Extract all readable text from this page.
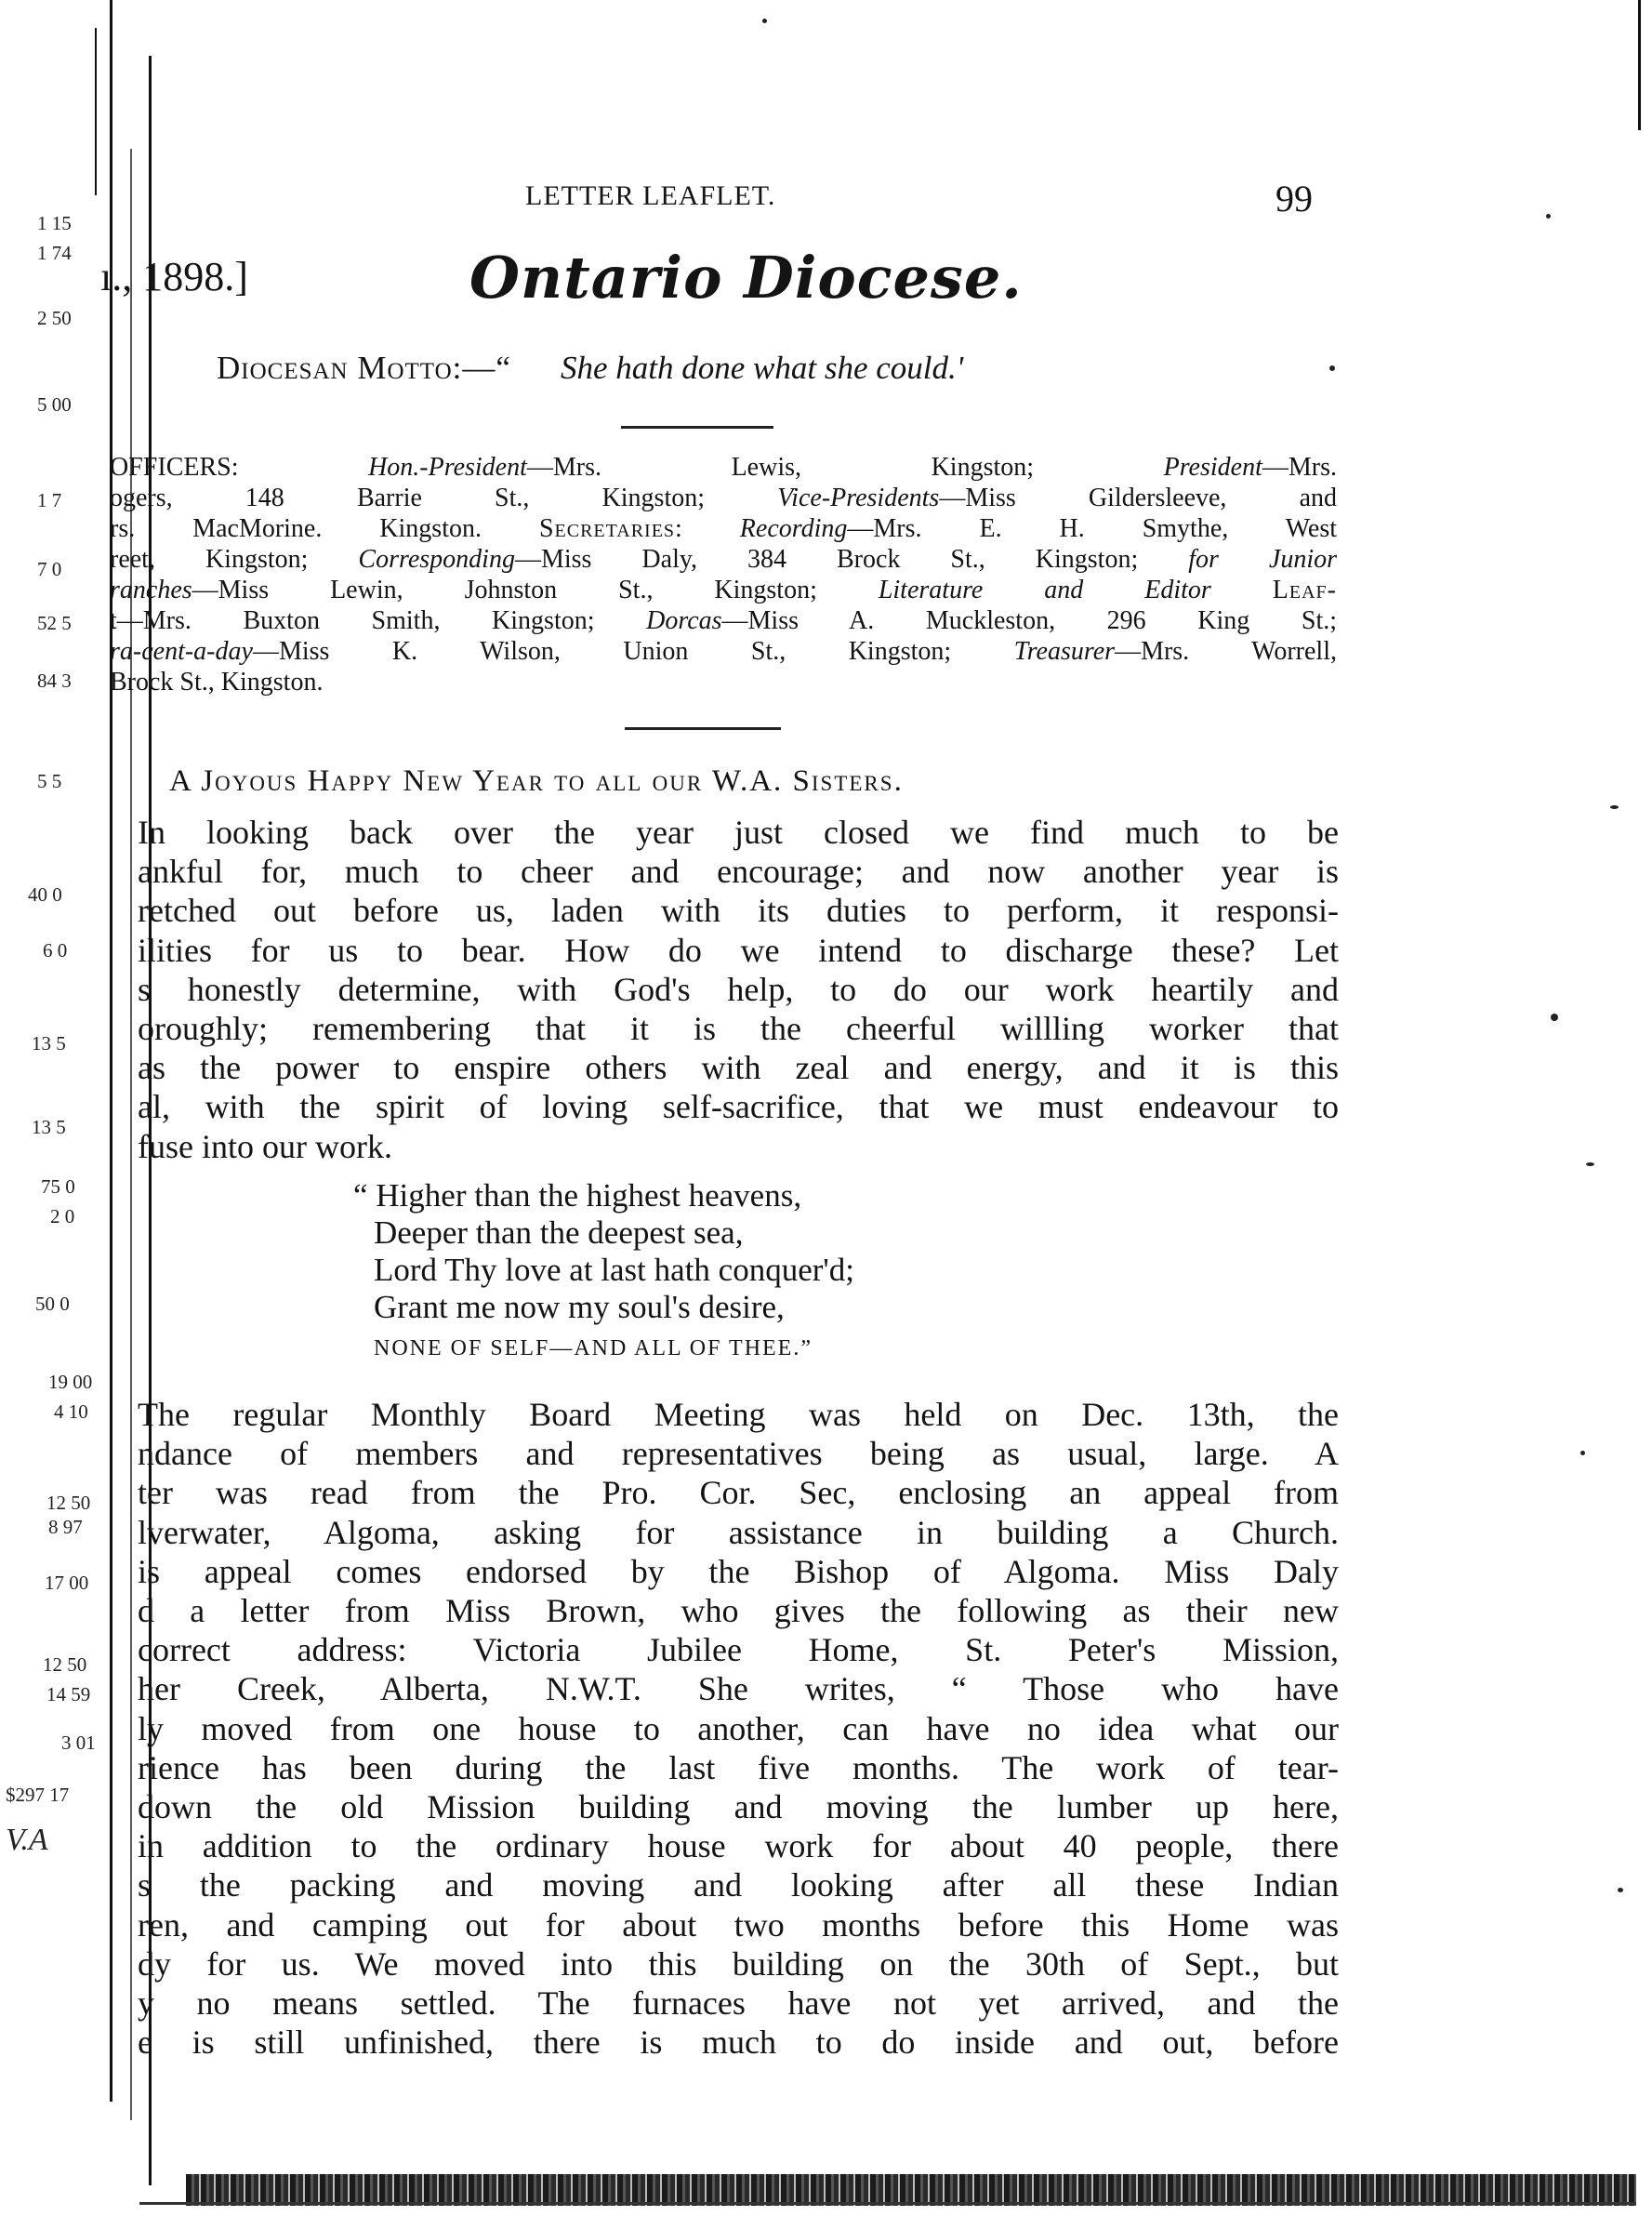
1 15
1 74
2 50
5 00
1 7
7 0
52 5
84 3
5 5
40 0
6 0
13 5
13 5
75 0
2 0
50 0
19 00
4 10
12 50
8 97
17 00
12 50
14 59
3 01
$297 17
V.A
LETTER LEAFLET.	99
ı., 1898.]	Ontario Diocese.
Diocesan Motto:—“ She hath done what she could.'
OFFICERS: Hon.-President—Mrs. Lewis, Kingston; President—Mrs.
ogers, 148 Barrie St., Kingston; Vice-Presidents—Miss Gildersleeve, and
rs. MacMorine. Kingston. Secretaries: Recording—Mrs. E. H. Smythe, West
reet, Kingston; Corresponding—Miss Daly, 384 Brock St., Kingston; for Junior
ranches—Miss Lewin, Johnston St., Kingston; Literature and Editor Leaf-
t—Mrs. Buxton Smith, Kingston; Dorcas—Miss A. Muckleston, 296 King St.;
ra-cent-a-day—Miss K. Wilson, Union St., Kingston; Treasurer—Mrs. Worrell,
Brock St., Kingston.
A Joyous Happy New Year to all our W.A. Sisters.
In looking back over the year just closed we find much to be
ankful for, much to cheer and encourage; and now another year is
retched out before us, laden with its duties to perform, it responsi-
ilities for us to bear. How do we intend to discharge these? Let
s honestly determine, with God's help, to do our work heartily and
oroughly; remembering that it is the cheerful willling worker that
as the power to enspire others with zeal and energy, and it is this
al, with the spirit of loving self-sacrifice, that we must endeavour to
fuse into our work.
“ Higher than the highest heavens,
Deeper than the deepest sea,
Lord Thy love at last hath conquer'd;
Grant me now my soul's desire,
NONE OF SELF—AND ALL OF THEE.”
The regular Monthly Board Meeting was held on Dec. 13th, the
ndance of members and representatives being as usual, large. A
ter was read from the Pro. Cor. Sec, enclosing an appeal from
lverwater, Algoma, asking for assistance in building a Church.
is appeal comes endorsed by the Bishop of Algoma. Miss Daly
d a letter from Miss Brown, who gives the following as their new
correct address: Victoria Jubilee Home, St. Peter's Mission,
her Creek, Alberta, N.W.T. She writes, “ Those who have
ly moved from one house to another, can have no idea what our
rience has been during the last five months. The work of tear-
down the old Mission building and moving the lumber up here,
in addition to the ordinary house work for about 40 people, there
s the packing and moving and looking after all these Indian
ren, and camping out for about two months before this Home was
dy for us. We moved into this building on the 30th of Sept., but
y no means settled. The furnaces have not yet arrived, and the
e is still unfinished, there is much to do inside and out, before
